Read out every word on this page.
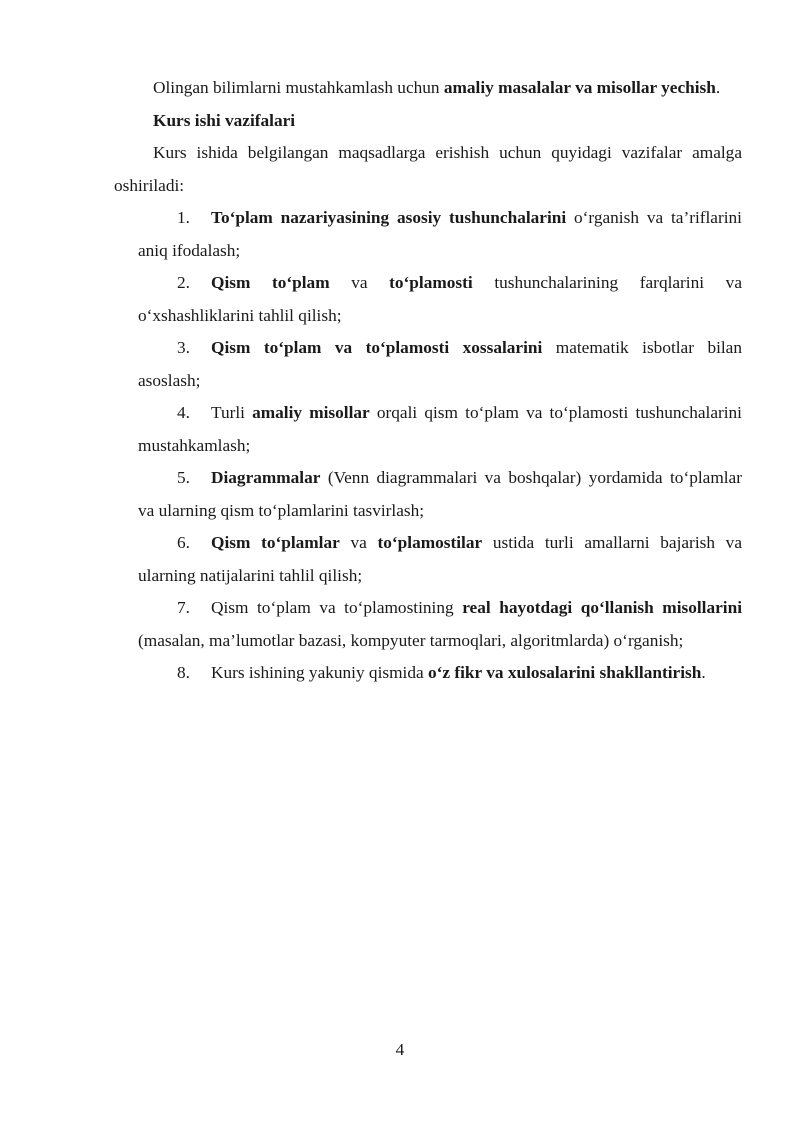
Olingan bilimlarni mustahkamlash uchun amaliy masalalar va misollar yechish.

Kurs ishi vazifalari

Kurs ishida belgilangan maqsadlarga erishish uchun quyidagi vazifalar amalga oshiriladi:

1. To‘plam nazariyasining asosiy tushunchalarini o‘rganish va ta’riflarini aniq ifodalash;

2. Qism to‘plam va to‘plamosti tushunchalarining farqlarini va o‘xshashliklarini tahlil qilish;

3. Qism to‘plam va to‘plamosti xossalarini matematik isbotlar bilan asoslash;

4. Turli amaliy misollar orqali qism to‘plam va to‘plamosti tushunchalarini mustahkamlash;

5. Diagrammalar (Venn diagrammalari va boshqalar) yordamida to‘plamlar va ularning qism to‘plamlarini tasvirlash;

6. Qism to‘plamlar va to‘plamostilar ustida turli amallarni bajarish va ularning natijalarini tahlil qilish;

7. Qism to‘plam va to‘plamostining real hayotdagi qo‘llanish misollarini (masalan, ma’lumotlar bazasi, kompyuter tarmoqlari, algoritmlarda) o‘rganish;

8. Kurs ishining yakuniy qismida o‘z fikr va xulosalarini shakllantirish.

4
